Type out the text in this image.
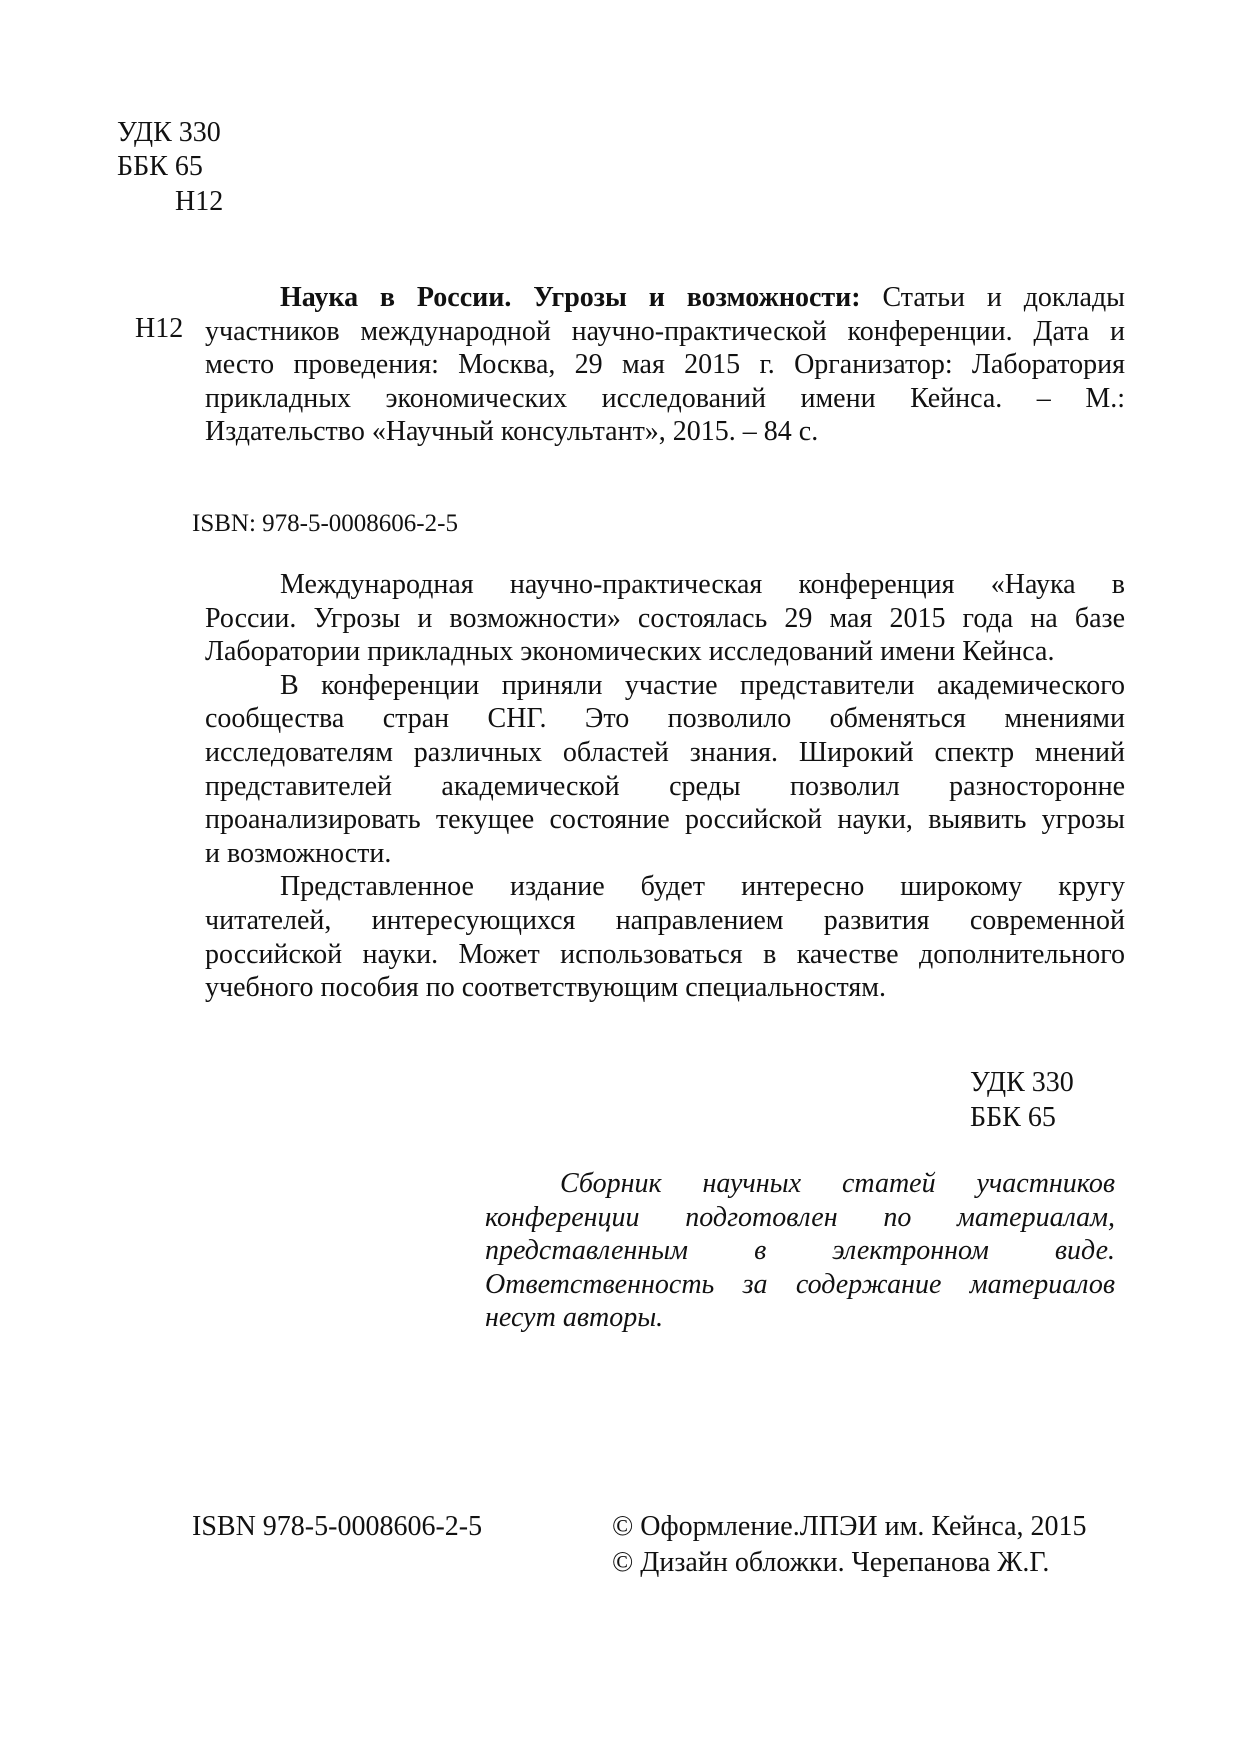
УДК 330
ББК 65
Н12
Н12
Наука в России. Угрозы и возможности: Статьи и доклады
участников международной научно-практической конференции. Дата и
место проведения: Москва, 29 мая 2015 г. Организатор: Лаборатория
прикладных экономических исследований имени Кейнса. – М.:
Издательство «Научный консультант», 2015. – 84 с.
ISBN: 978-5-0008606-2-5
Международная научно-практическая конференция «Наука в
России. Угрозы и возможности» состоялась 29 мая 2015 года на базе
Лаборатории прикладных экономических исследований имени Кейнса.
В конференции приняли участие представители академического
сообщества стран СНГ. Это позволило обменяться мнениями
исследователям различных областей знания. Широкий спектр мнений
представителей академической среды позволил разносторонне
проанализировать текущее состояние российской науки, выявить угрозы
и возможности.
Представленное издание будет интересно широкому кругу
читателей, интересующихся направлением развития современной
российской науки. Может использоваться в качестве дополнительного
учебного пособия по соответствующим специальностям.
УДК 330
ББК 65
Сборник научных статей участников
конференции подготовлен по материалам,
представленным в электронном виде.
Ответственность за содержание материалов
несут авторы.
ISBN 978-5-0008606-2-5	© Оформление.ЛПЭИ им. Кейнса, 2015
© Дизайн обложки. Черепанова Ж.Г.
